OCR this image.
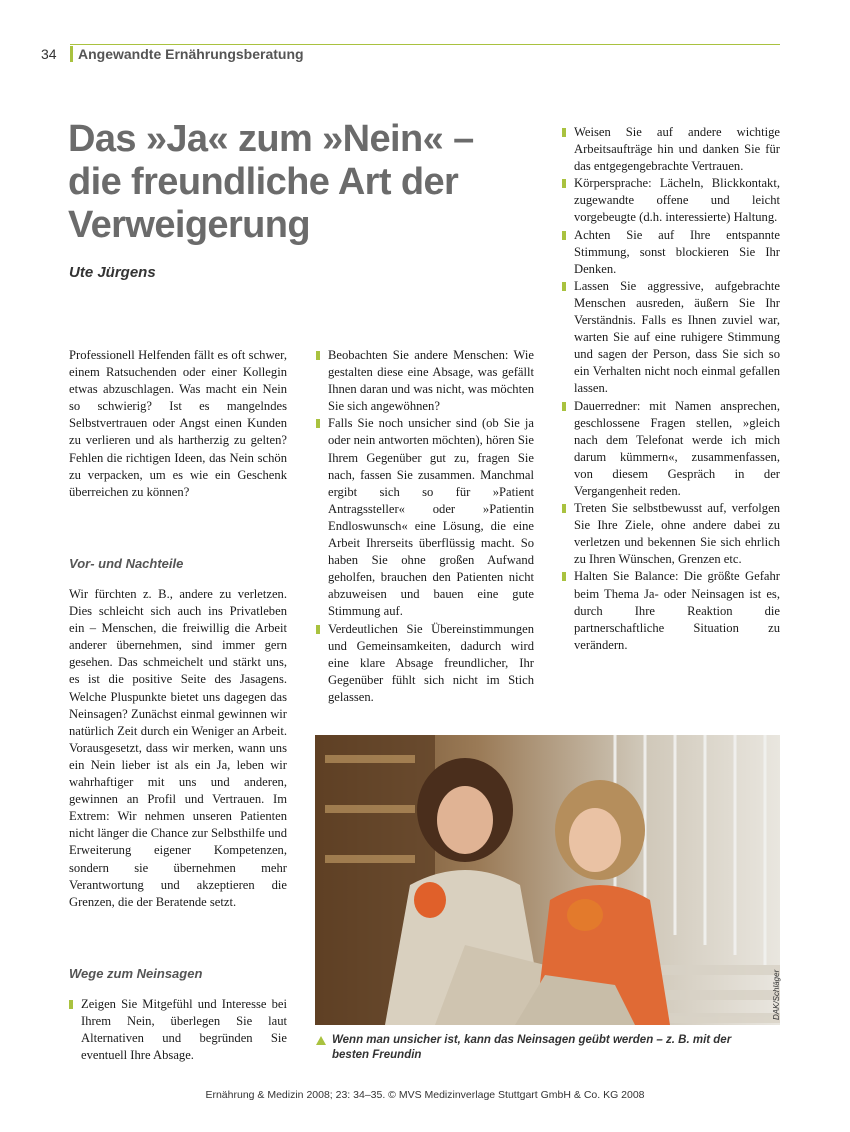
34 Angewandte Ernährungsberatung
Das »Ja« zum »Nein« –
die freundliche Art der
Verweigerung
Ute Jürgens

Professionell Helfenden fällt es oft schwer, einem Ratsuchenden oder einer Kollegin etwas abzuschlagen. Was macht ein Nein so schwierig? Ist es mangelndes Selbstvertrauen oder Angst einen Kunden zu verlieren und als hartherzig zu gelten? Fehlen die richtigen Ideen, das Nein schön zu verpacken, um es wie ein Geschenk überreichen zu können?

Vor- und Nachteile

Wir fürchten z. B., andere zu verletzen. Dies schleicht sich auch ins Privatleben ein – Menschen, die freiwillig die Arbeit anderer übernehmen, sind immer gern gesehen. Das schmeichelt und stärkt uns, es ist die positive Seite des Jasagens. Welche Pluspunkte bietet uns dagegen das Neinsagen? Zunächst einmal gewinnen wir natürlich Zeit durch ein Weniger an Arbeit. Vorausgesetzt, dass wir merken, wann uns ein Nein lieber ist als ein Ja, leben wir wahrhaftiger mit uns und anderen, gewinnen an Profil und Vertrauen. Im Extrem: Wir nehmen unseren Patienten nicht länger die Chance zur Selbsthilfe und Erweiterung eigener Kompetenzen, sondern sie übernehmen mehr Verantwortung und akzeptieren die Grenzen, die der Beratende setzt.

Wege zum Neinsagen
Zeigen Sie Mitgefühl und Interesse bei Ihrem Nein, überlegen Sie laut Alternativen und begründen Sie eventuell Ihre Absage.
Beobachten Sie andere Menschen: Wie gestalten diese eine Absage, was gefällt Ihnen daran und was nicht, was möchten Sie sich angewöhnen?
Falls Sie noch unsicher sind (ob Sie ja oder nein antworten möchten), hören Sie Ihrem Gegenüber gut zu, fragen Sie nach, fassen Sie zusammen. Manchmal ergibt sich so für »Patient Antragssteller« oder »Patientin Endloswunsch« eine Lösung, die eine Arbeit Ihrerseits überflüssig macht. So haben Sie ohne großen Aufwand geholfen, brauchen den Patienten nicht abzuweisen und bauen eine gute Stimmung auf.
Verdeutlichen Sie Übereinstimmungen und Gemeinsamkeiten, dadurch wird eine klare Absage freundlicher, Ihr Gegenüber fühlt sich nicht im Stich gelassen.
Weisen Sie auf andere wichtige Arbeitsaufträge hin und danken Sie für das entgegengebrachte Vertrauen.
Körpersprache: Lächeln, Blickkontakt, zugewandte offene und leicht vorgebeugte (d.h. interessierte) Haltung.
Achten Sie auf Ihre entspannte Stimmung, sonst blockieren Sie Ihr Denken.
Lassen Sie aggressive, aufgebrachte Menschen ausreden, äußern Sie Ihr Verständnis. Falls es Ihnen zuviel war, warten Sie auf eine ruhigere Stimmung und sagen der Person, dass Sie sich so ein Verhalten nicht noch einmal gefallen lassen.
Dauerredner: mit Namen ansprechen, geschlossene Fragen stellen, »gleich nach dem Telefonat werde ich mich darum kümmern«, zusammenfassen, von diesem Gespräch in der Vergangenheit reden.
Treten Sie selbstbewusst auf, verfolgen Sie Ihre Ziele, ohne andere dabei zu verletzen und bekennen Sie sich ehrlich zu Ihren Wünschen, Grenzen etc.
Halten Sie Balance: Die größte Gefahr beim Thema Ja- oder Neinsagen ist es, durch Ihre Reaktion die partnerschaftliche Situation zu verändern.
DAK/Schläger
Wenn man unsicher ist, kann das Neinsagen geübt werden – z. B. mit der besten Freundin
Ernährung & Medizin 2008; 23: 34–35. © MVS Medizinverlage Stuttgart GmbH & Co. KG 2008
